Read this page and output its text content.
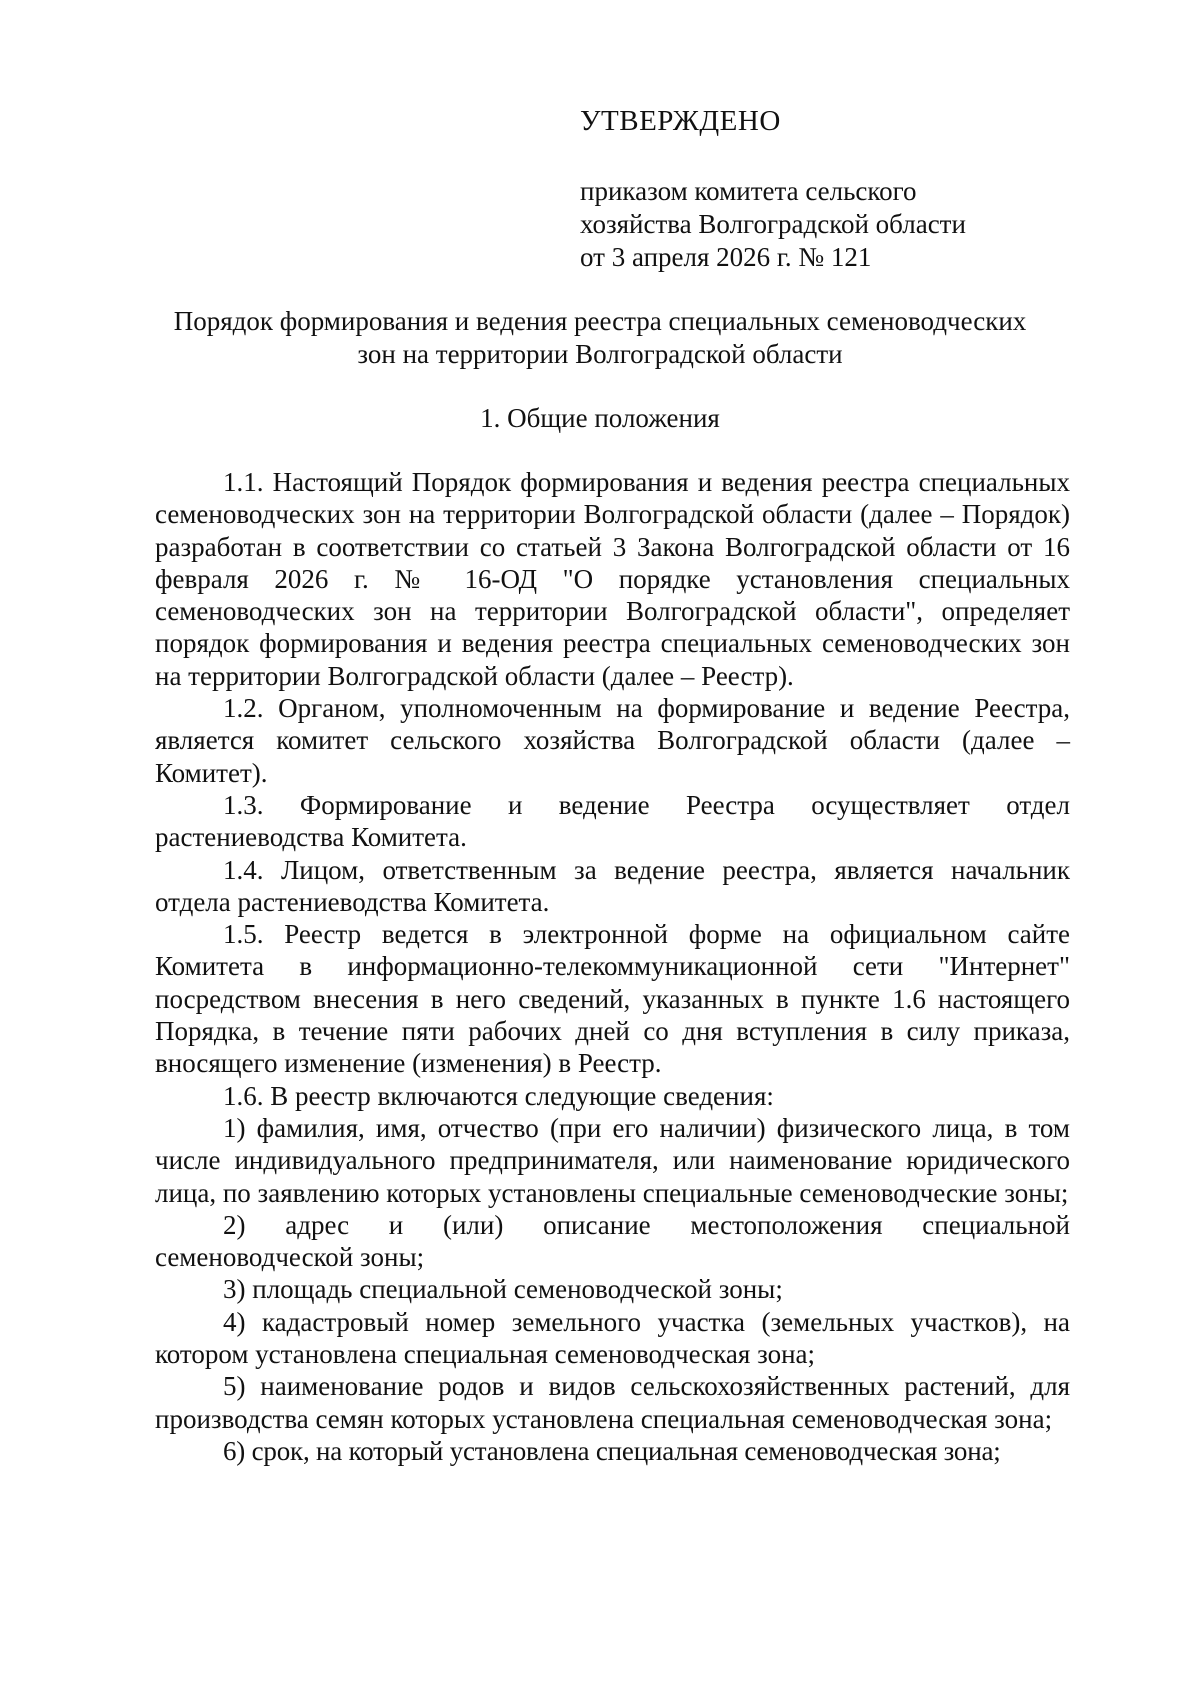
УТВЕРЖДЕНО
приказом комитета сельского
хозяйства Волгоградской области
от 3 апреля 2026 г. № 121
Порядок формирования и ведения реестра специальных семеноводческих
зон на территории Волгоградской области
1. Общие положения

1.1. Настоящий Порядок формирования и ведения реестра специальных семеноводческих зон на территории Волгоградской области (далее – Порядок) разработан в соответствии со статьей 3 Закона Волгоградской области от 16 февраля 2026 г. № 16-ОД "О порядке установления специальных семеноводческих зон на территории Волгоградской области", определяет порядок формирования и ведения реестра специальных семеноводческих зон на территории Волгоградской области (далее – Реестр).

1.2. Органом, уполномоченным на формирование и ведение Реестра, является комитет сельского хозяйства Волгоградской области (далее – Комитет).

1.3. Формирование и ведение Реестра осуществляет отдел растениеводства Комитета.

1.4. Лицом, ответственным за ведение реестра, является начальник отдела растениеводства Комитета.

1.5. Реестр ведется в электронной форме на официальном сайте Комитета в информационно-телекоммуникационной сети "Интернет" посредством внесения в него сведений, указанных в пункте 1.6 настоящего Порядка, в течение пяти рабочих дней со дня вступления в силу приказа, вносящего изменение (изменения) в Реестр.

1.6. В реестр включаются следующие сведения:

1) фамилия, имя, отчество (при его наличии) физического лица, в том числе индивидуального предпринимателя, или наименование юридического лица, по заявлению которых установлены специальные семеноводческие зоны;

2) адрес и (или) описание местоположения специальной семеноводческой зоны;

3) площадь специальной семеноводческой зоны;

4) кадастровый номер земельного участка (земельных участков), на котором установлена специальная семеноводческая зона;

5) наименование родов и видов сельскохозяйственных растений, для производства семян которых установлена специальная семеноводческая зона;

6) срок, на который установлена специальная семеноводческая зона;
